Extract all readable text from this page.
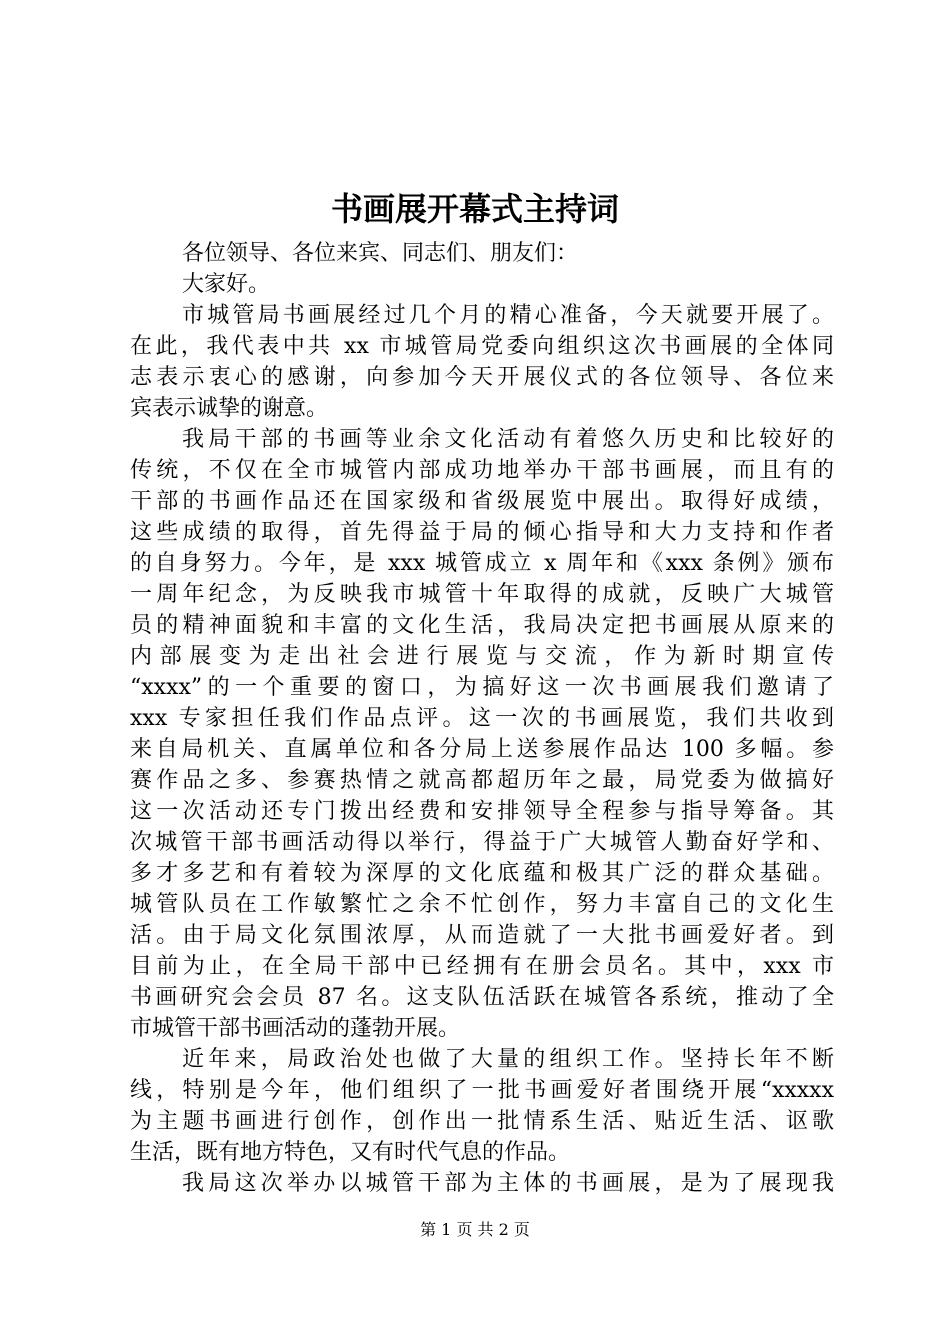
书画展开幕式主持词
各位领导、各位来宾、同志们、朋友们：
大家好。
市城管局书画展经过几个月的精心准备，今天就要开展了。
在此，我代表中共 xx 市城管局党委向组织这次书画展的全体同
志表示衷心的感谢，向参加今天开展仪式的各位领导、各位来
宾表示诚挚的谢意。
我局干部的书画等业余文化活动有着悠久历史和比较好的
传统，不仅在全市城管内部成功地举办干部书画展，而且有的
干部的书画作品还在国家级和省级展览中展出。取得好成绩，
这些成绩的取得，首先得益于局的倾心指导和大力支持和作者
的自身努力。今年，是 xxx 城管成立 x 周年和《xxx 条例》颁布
一周年纪念，为反映我市城管十年取得的成就，反映广大城管
员的精神面貌和丰富的文化生活，我局决定把书画展从原来的
内部展变为走出社会进行展览与交流，作为新时期宣传
“xxxx”的一个重要的窗口，为搞好这一次书画展我们邀请了
xxx 专家担任我们作品点评。这一次的书画展览，我们共收到
来自局机关、直属单位和各分局上送参展作品达 100 多幅。参
赛作品之多、参赛热情之就高都超历年之最，局党委为做搞好
这一次活动还专门拨出经费和安排领导全程参与指导筹备。其
次城管干部书画活动得以举行，得益于广大城管人勤奋好学和、
多才多艺和有着较为深厚的文化底蕴和极其广泛的群众基础。
城管队员在工作敏繁忙之余不忙创作，努力丰富自己的文化生
活。由于局文化氛围浓厚，从而造就了一大批书画爱好者。到
目前为止，在全局干部中已经拥有在册会员名。其中，xxx 市
书画研究会会员 87 名。这支队伍活跃在城管各系统，推动了全
市城管干部书画活动的蓬勃开展。
近年来，局政治处也做了大量的组织工作。坚持长年不断
线，特别是今年，他们组织了一批书画爱好者围绕开展“xxxxx
为主题书画进行创作，创作出一批情系生活、贴近生活、讴歌
生活，既有地方特色，又有时代气息的作品。
我局这次举办以城管干部为主体的书画展，是为了展现我
第 1 页 共 2 页
